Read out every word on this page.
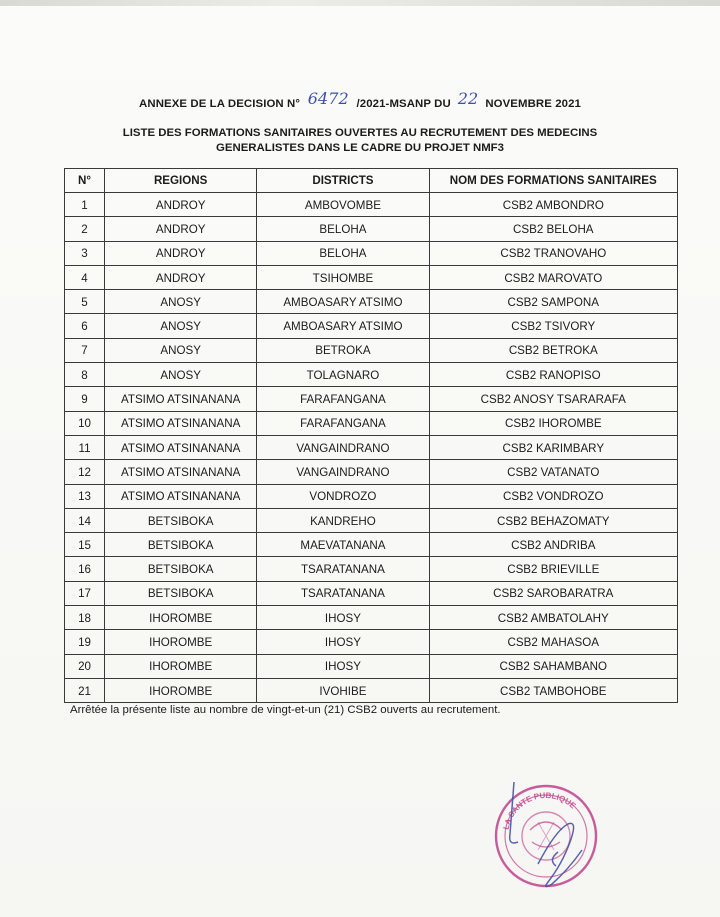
ANNEXE DE LA DECISION N° 6472 /2021-MSANP DU 22 NOVEMBRE 2021
LISTE DES FORMATIONS SANITAIRES OUVERTES AU RECRUTEMENT DES MEDECINS
GENERALISTES DANS LE CADRE DU PROJET NMF3
N°	REGIONS	DISTRICTS	NOM DES FORMATIONS SANITAIRES
1	ANDROY	AMBOVOMBE	CSB2 AMBONDRO
2	ANDROY	BELOHA	CSB2 BELOHA
3	ANDROY	BELOHA	CSB2 TRANOVAHO
4	ANDROY	TSIHOMBE	CSB2 MAROVATO
5	ANOSY	AMBOASARY ATSIMO	CSB2 SAMPONA
6	ANOSY	AMBOASARY ATSIMO	CSB2 TSIVORY
7	ANOSY	BETROKA	CSB2 BETROKA
8	ANOSY	TOLAGNARO	CSB2 RANOPISO
9	ATSIMO ATSINANANA	FARAFANGANA	CSB2 ANOSY TSARARAFA
10	ATSIMO ATSINANANA	FARAFANGANA	CSB2 IHOROMBE
11	ATSIMO ATSINANANA	VANGAINDRANO	CSB2 KARIMBARY
12	ATSIMO ATSINANANA	VANGAINDRANO	CSB2 VATANATO
13	ATSIMO ATSINANANA	VONDROZO	CSB2 VONDROZO
14	BETSIBOKA	KANDREHO	CSB2 BEHAZOMATY
15	BETSIBOKA	MAEVATANANA	CSB2 ANDRIBA
16	BETSIBOKA	TSARATANANA	CSB2 BRIEVILLE
17	BETSIBOKA	TSARATANANA	CSB2 SAROBARATRA
18	IHOROMBE	IHOSY	CSB2 AMBATOLAHY
19	IHOROMBE	IHOSY	CSB2 MAHASOA
20	IHOROMBE	IHOSY	CSB2 SAHAMBANO
21	IHOROMBE	IVOHIBE	CSB2 TAMBOHOBE
Arrêtée la présente liste au nombre de vingt-et-un (21) CSB2 ouverts au recrutement.
LA SANTE PUBLIQUE
